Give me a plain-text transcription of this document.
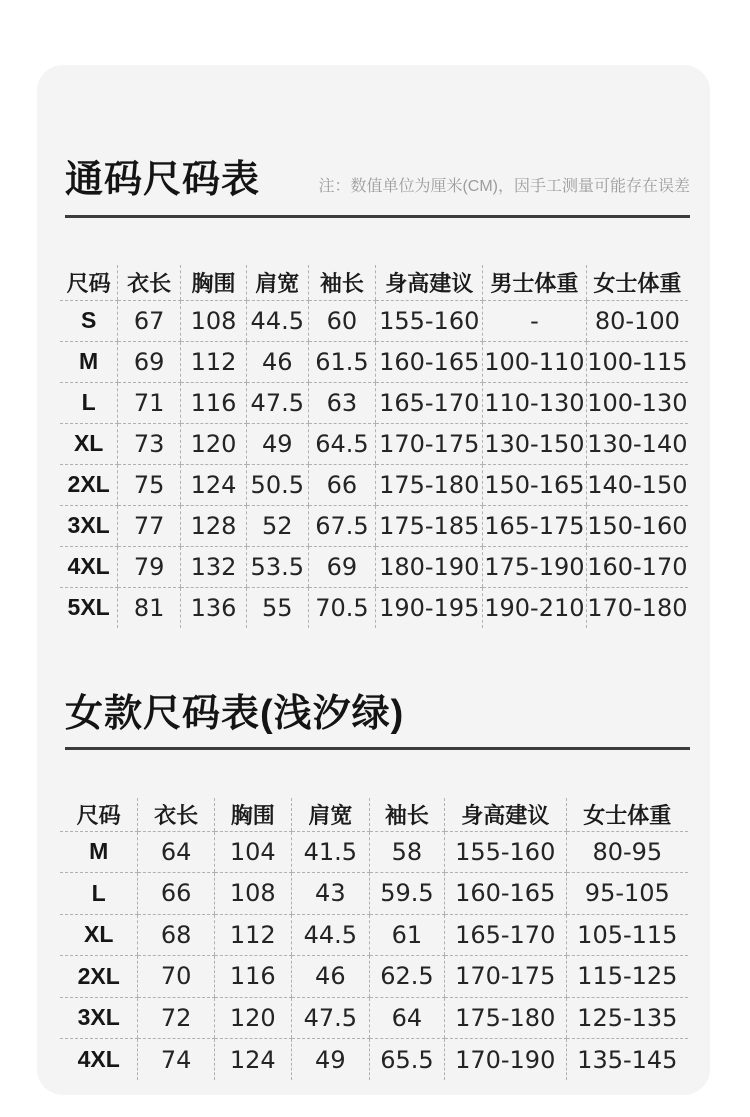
通码尺码表	注：数值单位为厘米(CM)，因手工测量可能存在误差
尺码	衣长	胸围	肩宽	袖长	身高建议	男士体重	女士体重
S	67	108	44.5	60	155-160	-	80-100
M	69	112	46	61.5	160-165	100-110	100-115
L	71	116	47.5	63	165-170	110-130	100-130
XL	73	120	49	64.5	170-175	130-150	130-140
2XL	75	124	50.5	66	175-180	150-165	140-150
3XL	77	128	52	67.5	175-185	165-175	150-160
4XL	79	132	53.5	69	180-190	175-190	160-170
5XL	81	136	55	70.5	190-195	190-210	170-180
女款尺码表(浅汐绿)
尺码	衣长	胸围	肩宽	袖长	身高建议	女士体重
M	64	104	41.5	58	155-160	80-95
L	66	108	43	59.5	160-165	95-105
XL	68	112	44.5	61	165-170	105-115
2XL	70	116	46	62.5	170-175	115-125
3XL	72	120	47.5	64	175-180	125-135
4XL	74	124	49	65.5	170-190	135-145
